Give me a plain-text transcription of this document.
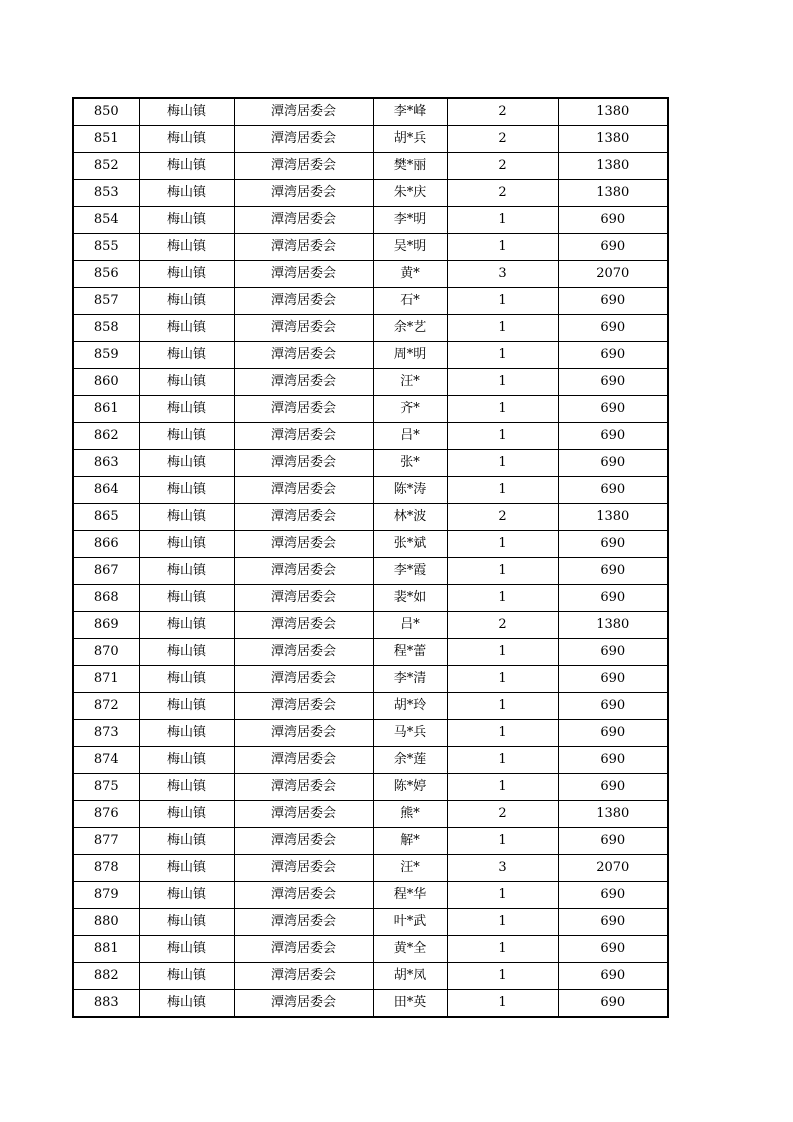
850	梅山镇	潭湾居委会	李*峰	2	1380
851	梅山镇	潭湾居委会	胡*兵	2	1380
852	梅山镇	潭湾居委会	樊*丽	2	1380
853	梅山镇	潭湾居委会	朱*庆	2	1380
854	梅山镇	潭湾居委会	李*明	1	690
855	梅山镇	潭湾居委会	吴*明	1	690
856	梅山镇	潭湾居委会	黄*	3	2070
857	梅山镇	潭湾居委会	石*	1	690
858	梅山镇	潭湾居委会	余*艺	1	690
859	梅山镇	潭湾居委会	周*明	1	690
860	梅山镇	潭湾居委会	汪*	1	690
861	梅山镇	潭湾居委会	齐*	1	690
862	梅山镇	潭湾居委会	吕*	1	690
863	梅山镇	潭湾居委会	张*	1	690
864	梅山镇	潭湾居委会	陈*涛	1	690
865	梅山镇	潭湾居委会	林*波	2	1380
866	梅山镇	潭湾居委会	张*斌	1	690
867	梅山镇	潭湾居委会	李*霞	1	690
868	梅山镇	潭湾居委会	裴*如	1	690
869	梅山镇	潭湾居委会	吕*	2	1380
870	梅山镇	潭湾居委会	程*蕾	1	690
871	梅山镇	潭湾居委会	李*清	1	690
872	梅山镇	潭湾居委会	胡*玲	1	690
873	梅山镇	潭湾居委会	马*兵	1	690
874	梅山镇	潭湾居委会	余*莲	1	690
875	梅山镇	潭湾居委会	陈*婷	1	690
876	梅山镇	潭湾居委会	熊*	2	1380
877	梅山镇	潭湾居委会	解*	1	690
878	梅山镇	潭湾居委会	汪*	3	2070
879	梅山镇	潭湾居委会	程*华	1	690
880	梅山镇	潭湾居委会	叶*武	1	690
881	梅山镇	潭湾居委会	黄*全	1	690
882	梅山镇	潭湾居委会	胡*凤	1	690
883	梅山镇	潭湾居委会	田*英	1	690
